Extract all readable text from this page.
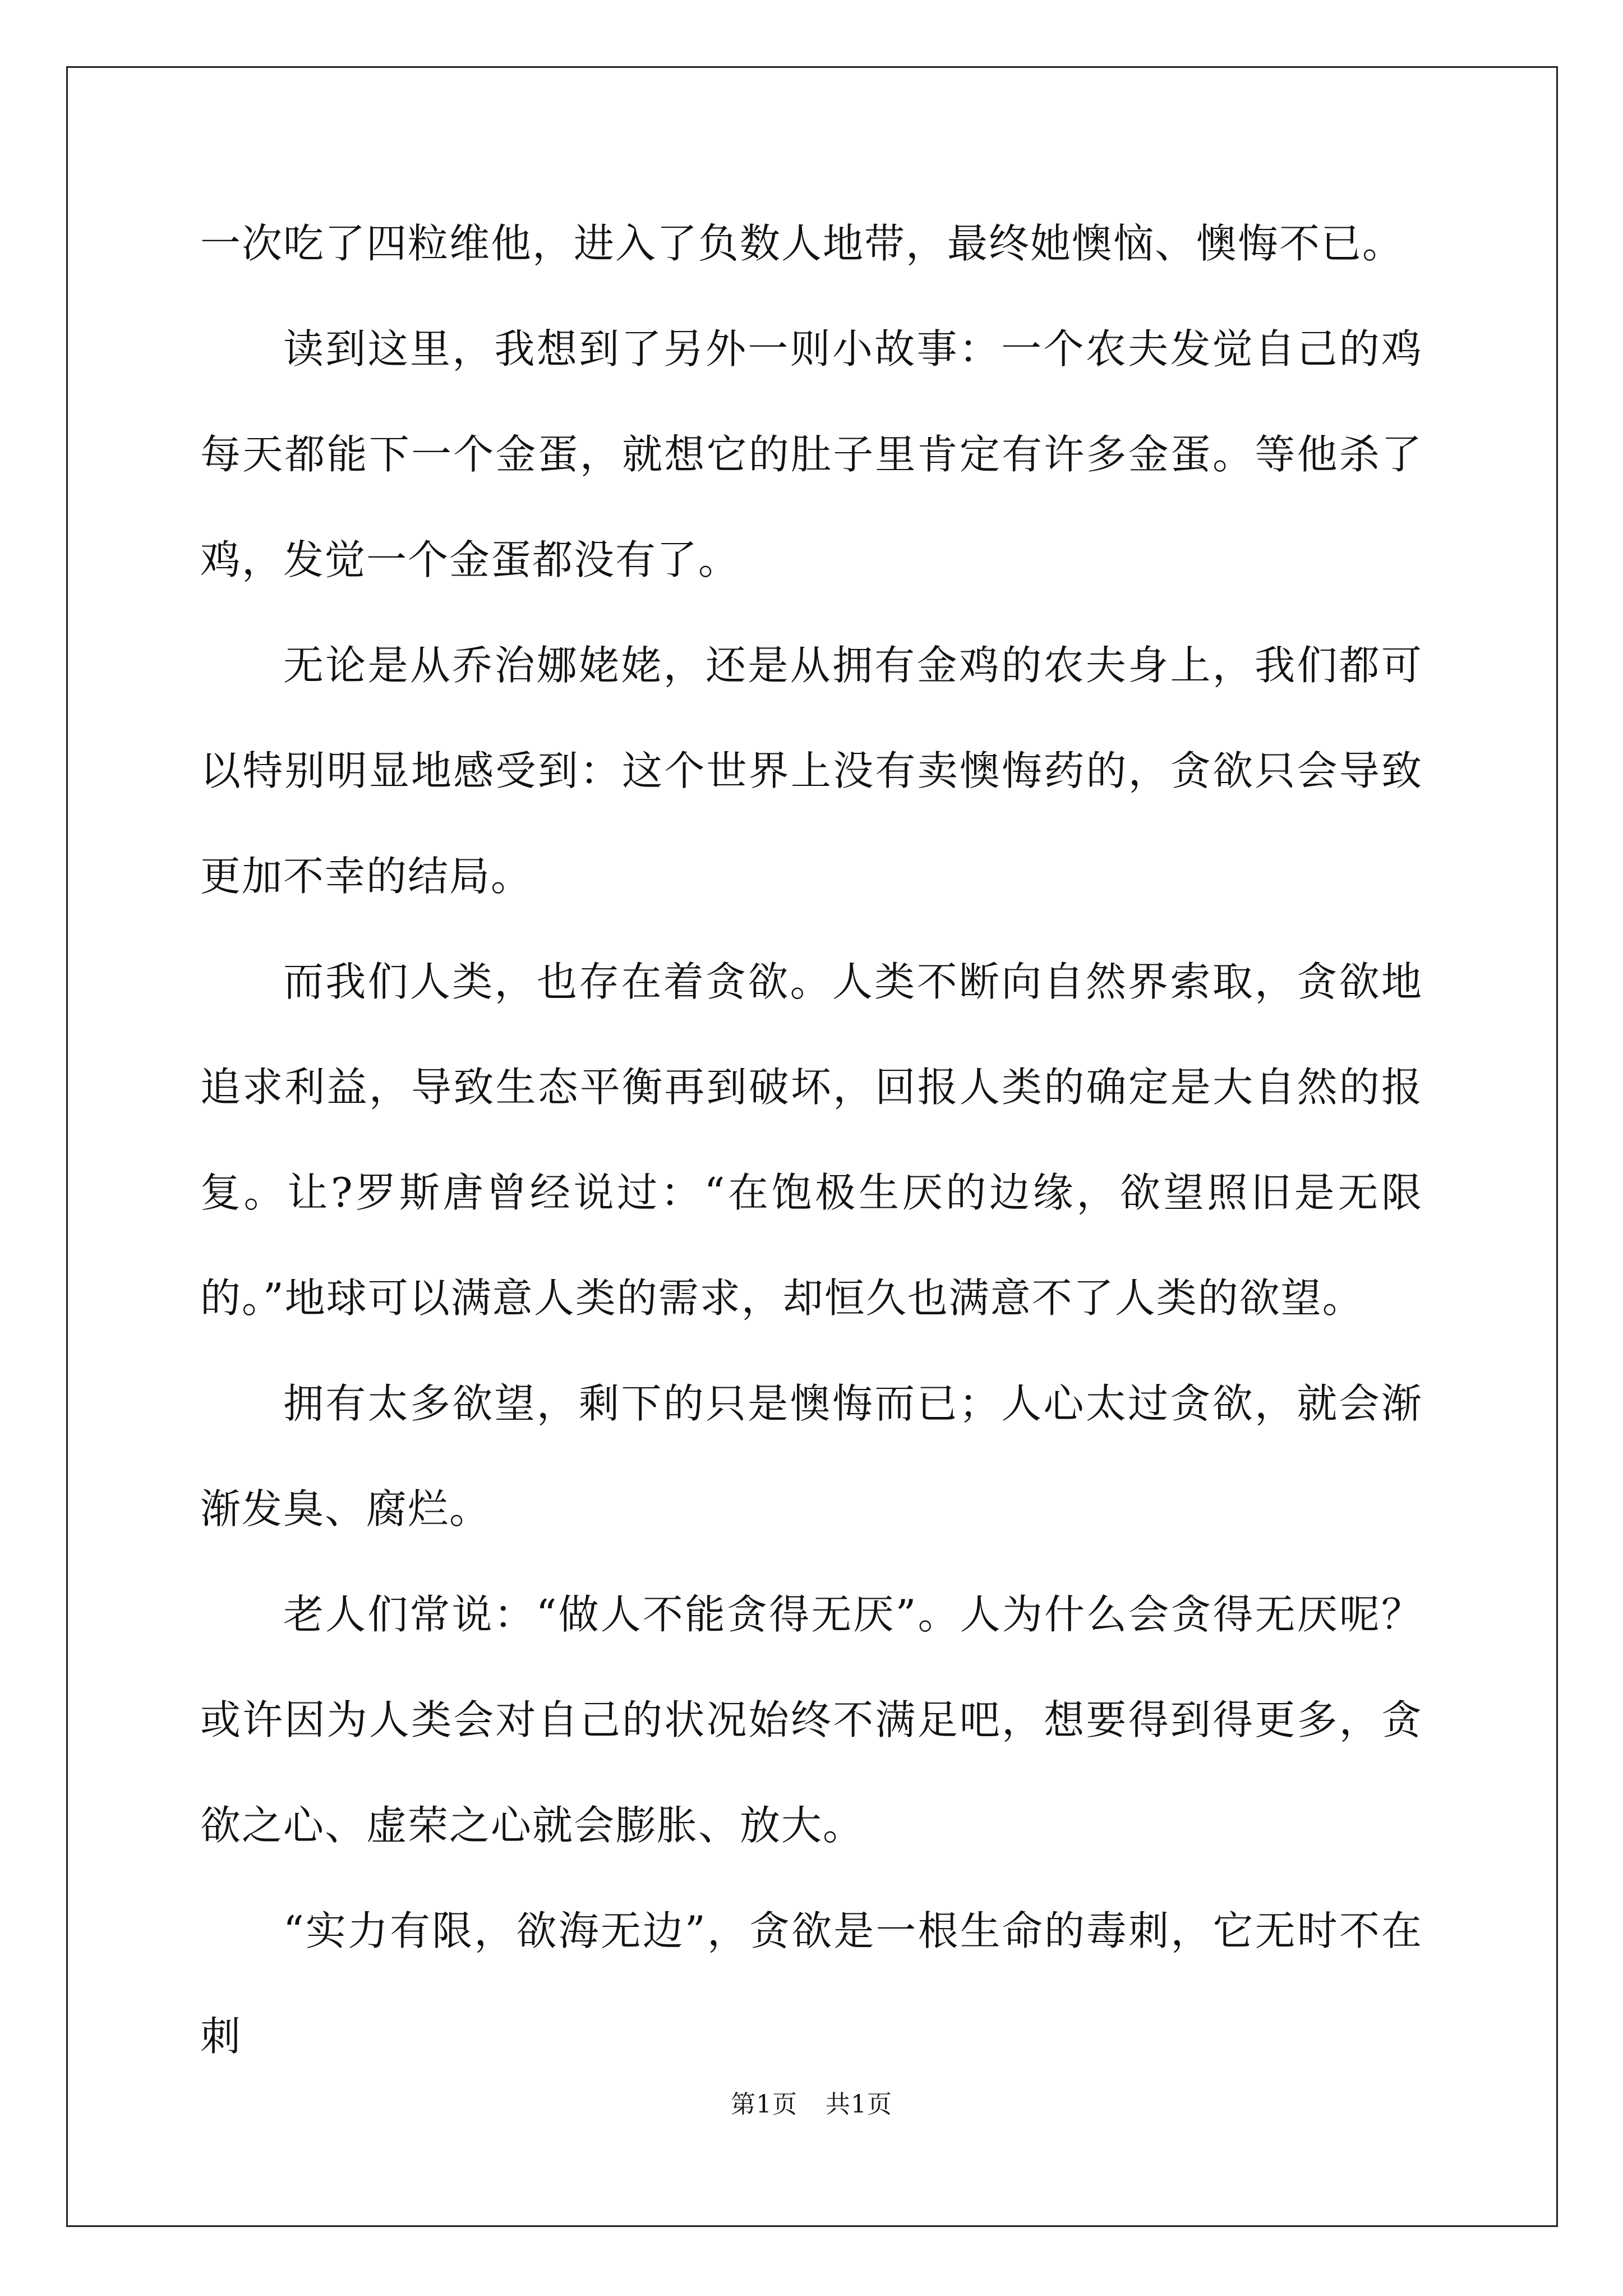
一次吃了四粒维他，进入了负数人地带，最终她懊恼、懊悔不已。

读到这里，我想到了另外一则小故事：一个农夫发觉自己的鸡每天都能下一个金蛋，就想它的肚子里肯定有许多金蛋。等他杀了鸡，发觉一个金蛋都没有了。

无论是从乔治娜姥姥，还是从拥有金鸡的农夫身上，我们都可以特别明显地感受到：这个世界上没有卖懊悔药的，贪欲只会导致更加不幸的结局。

而我们人类，也存在着贪欲。人类不断向自然界索取，贪欲地追求利益，导致生态平衡再到破坏，回报人类的确定是大自然的报复。让?罗斯唐曾经说过：“在饱极生厌的边缘，欲望照旧是无限的。”地球可以满意人类的需求，却恒久也满意不了人类的欲望。

拥有太多欲望，剩下的只是懊悔而已；人心太过贪欲，就会渐渐发臭、腐烂。

老人们常说：“做人不能贪得无厌”。人为什么会贪得无厌呢？或许因为人类会对自己的状况始终不满足吧，想要得到得更多，贪欲之心、虚荣之心就会膨胀、放大。

“实力有限，欲海无边”，贪欲是一根生命的毒刺，它无时不在刺

第1页 共1页
